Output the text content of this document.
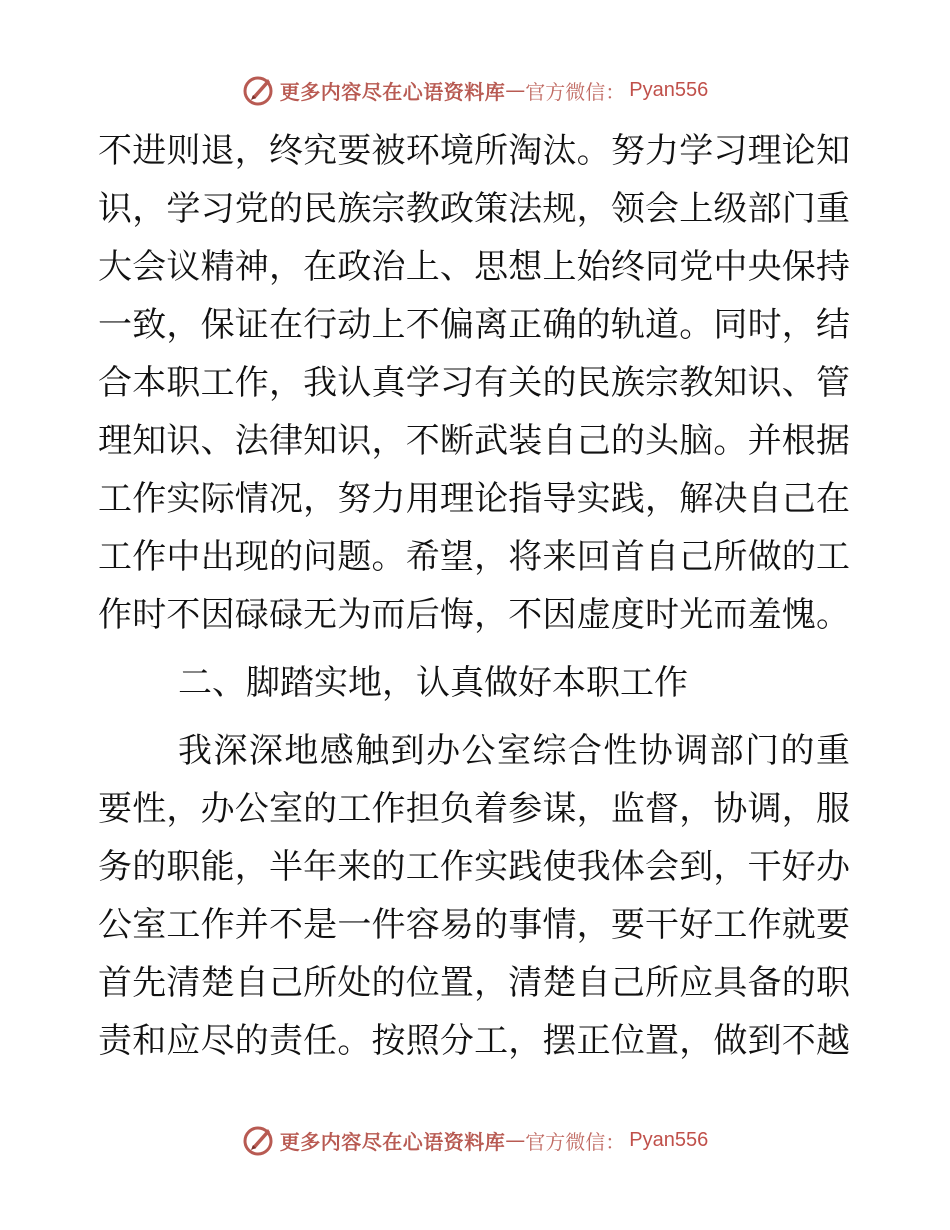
更多内容尽在心语资料库 — 官方微信： Pyan556
不进则退，终究要被环境所淘汰。努力学习理论知
识，学习党的民族宗教政策法规，领会上级部门重
大会议精神，在政治上、思想上始终同党中央保持
一致，保证在行动上不偏离正确的轨道。同时，结
合本职工作，我认真学习有关的民族宗教知识、管
理知识、法律知识，不断武装自己的头脑。并根据
工作实际情况，努力用理论指导实践，解决自己在
工作中出现的问题。希望，将来回首自己所做的工
作时不因碌碌无为而后悔，不因虚度时光而羞愧。
二、脚踏实地，认真做好本职工作
我深深地感触到办公室综合性协调部门的重
要性，办公室的工作担负着参谋，监督，协调，服
务的职能，半年来的工作实践使我体会到，干好办
公室工作并不是一件容易的事情，要干好工作就要
首先清楚自己所处的位置，清楚自己所应具备的职
责和应尽的责任。按照分工，摆正位置，做到不越
更多内容尽在心语资料库 — 官方微信： Pyan556
